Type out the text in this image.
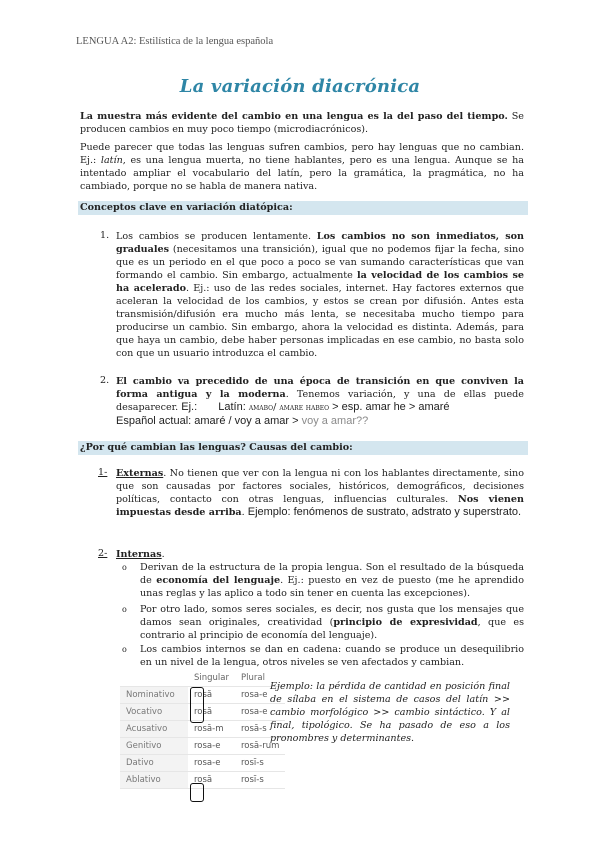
LENGUA A2: Estilística de la lengua española
La variación diacrónica
La muestra más evidente del cambio en una lengua es la del paso del tiempo. Se producen cambios en muy poco tiempo (microdiacrónicos).
Puede parecer que todas las lenguas sufren cambios, pero hay lenguas que no cambian. Ej.: latín, es una lengua muerta, no tiene hablantes, pero es una lengua. Aunque se ha intentado ampliar el vocabulario del latín, pero la gramática, la pragmática, no ha cambiado, porque no se habla de manera nativa.
Conceptos clave en variación diatópica:
1. Los cambios se producen lentamente. Los cambios no son inmediatos, son graduales (necesitamos una transición), igual que no podemos fijar la fecha, sino que es un periodo en el que poco a poco se van sumando características que van formando el cambio. Sin embargo, actualmente la velocidad de los cambios se ha acelerado. Ej.: uso de las redes sociales, internet. Hay factores externos que aceleran la velocidad de los cambios, y estos se crean por difusión. Antes esta transmisión/difusión era mucho más lenta, se necesitaba mucho tiempo para producirse un cambio. Sin embargo, ahora la velocidad es distinta. Además, para que haya un cambio, debe haber personas implicadas en ese cambio, no basta solo con que un usuario introduzca el cambio.
2. El cambio va precedido de una época de transición en que conviven la forma antigua y la moderna. Tenemos variación, y una de ellas puede desaparecer. Ej.: Latín: amabo/ amare habeo > esp. amar he > amaré
Español actual: amaré / voy a amar > voy a amar??
¿Por qué cambian las lenguas? Causas del cambio:
1- Externas. No tienen que ver con la lengua ni con los hablantes directamente, sino que son causadas por factores sociales, históricos, demográficos, decisiones políticas, contacto con otras lenguas, influencias culturales. Nos vienen impuestas desde arriba. Ejemplo: fenómenos de sustrato, adstrato y superstrato.
2- Internas.
o Derivan de la estructura de la propia lengua. Son el resultado de la búsqueda de economía del lenguaje. Ej.: puesto en vez de puesto (me he aprendido unas reglas y las aplico a todo sin tener en cuenta las excepciones).
o Por otro lado, somos seres sociales, es decir, nos gusta que los mensajes que damos sean originales, creatividad (principio de expresividad, que es contrario al principio de economía del lenguaje).
o Los cambios internos se dan en cadena: cuando se produce un desequilibrio en un nivel de la lengua, otros niveles se ven afectados y cambian.
	Singular	Plural
Nominativo	rosă	rosa-e
Vocativo	rosă	rosa-e
Acusativo	rosā-m	rosā-s
Genitivo	rosa-e	rosā-rum
Dativo	rosa-e	rosī-s
Ablativo	rosā	rosī-s
Ejemplo: la pérdida de cantidad en posición final de sílaba en el sistema de casos del latín >> cambio morfológico >> cambio sintáctico. Y al final, tipológico. Se ha pasado de eso a los pronombres y determinantes.
